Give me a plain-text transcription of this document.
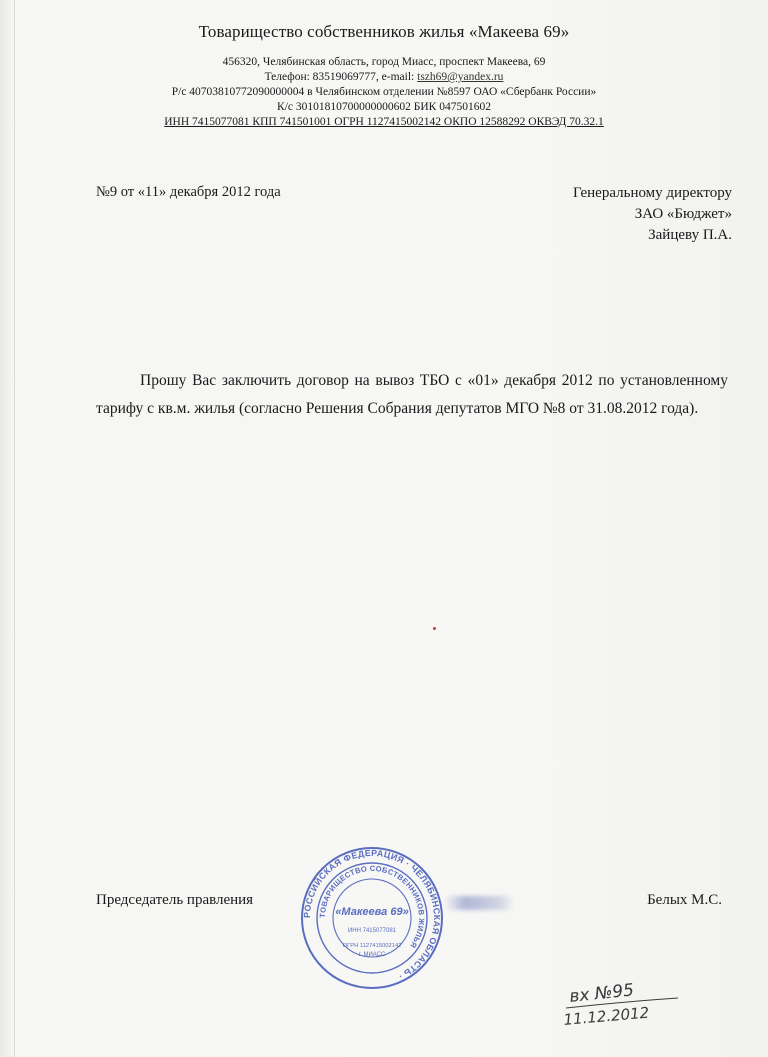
Товарищество собственников жилья «Макеева 69»
456320, Челябинская область, город Миасс, проспект Макеева, 69
Телефон: 83519069777, e-mail: tszh69@yandex.ru
Р/с 40703810772090000004 в Челябинском отделении №8597 ОАО «Сбербанк России»
К/с 30101810700000000602 БИК 047501602
ИНН 7415077081 КПП 741501001 ОГРН 1127415002142 ОКПО 12588292 ОКВЭД 70.32.1
№9 от «11» декабря 2012 года	Генеральному директору
ЗАО «Бюджет»
Зайцеву П.А.
Прошу Вас заключить договор на вывоз ТБО с «01» декабря 2012 по установленному тарифу с кв.м. жилья (согласно Решения Собрания депутатов МГО №8 от 31.08.2012 года).
Председатель правления	Белых М.С.
РОССИЙСКАЯ ФЕДЕРАЦИЯ · ЧЕЛЯБИНСКАЯ ОБЛАСТЬ ·
ТОВАРИЩЕСТВО СОБСТВЕННИКОВ ЖИЛЬЯ
«Макеева 69»
ИНН 7415077081
ОГРН 1127415002142
г. МИАСС
вх №95
11.12.2012
